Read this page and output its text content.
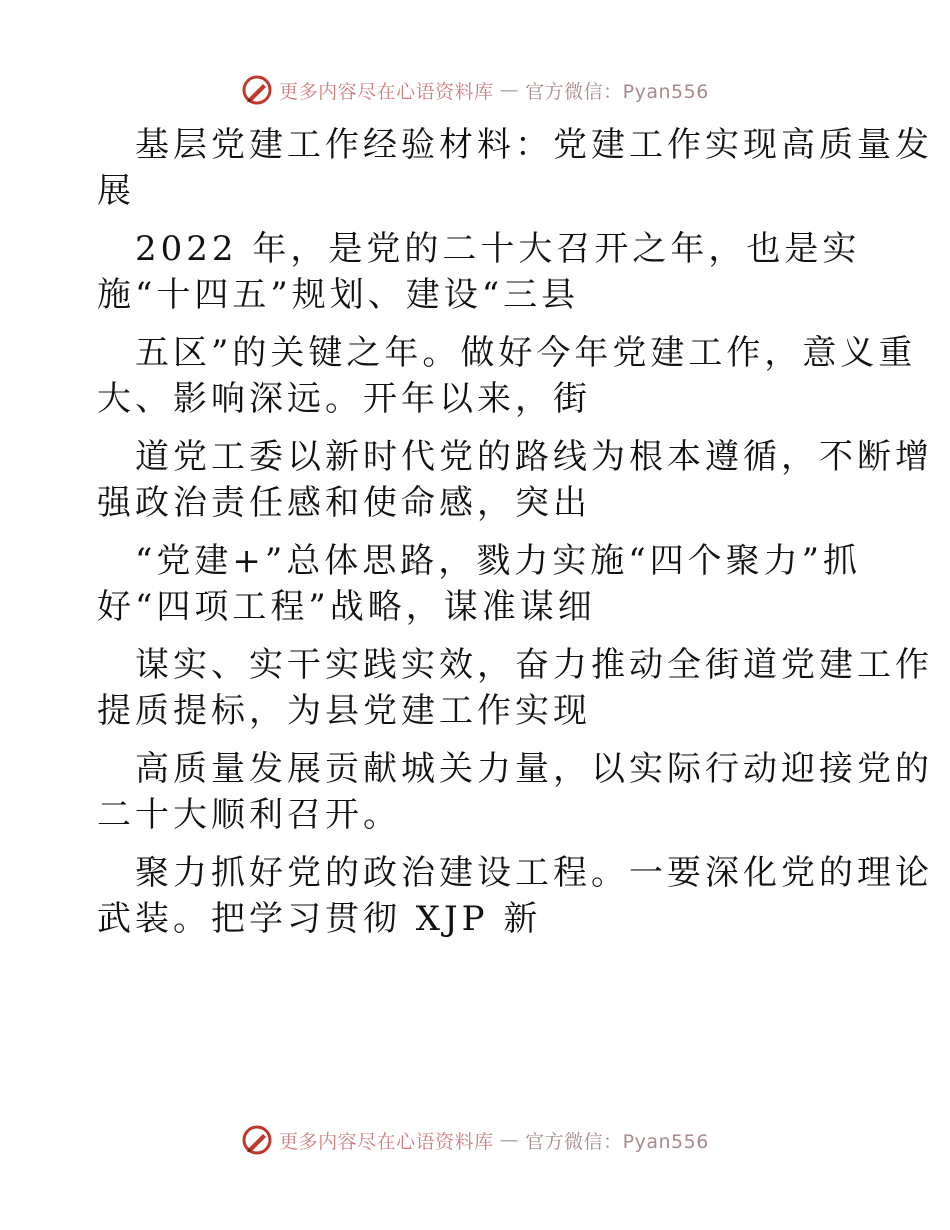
更多内容尽在心语资料库 — 官方微信：Pyan556

基层党建工作经验材料：党建工作实现高质量发

展

2022 年，是党的二十大召开之年，也是实

施“十四五”规划、建设“三县

五区”的关键之年。做好今年党建工作，意义重

大、影响深远。开年以来，街

道党工委以新时代党的路线为根本遵循，不断增

强政治责任感和使命感，突出

“党建+”总体思路，戮力实施“四个聚力”抓

好“四项工程”战略，谋准谋细

谋实、实干实践实效，奋力推动全街道党建工作

提质提标，为县党建工作实现

高质量发展贡献城关力量，以实际行动迎接党的

二十大顺利召开。

聚力抓好党的政治建设工程。一要深化党的理论

武装。把学习贯彻 XJP 新

更多内容尽在心语资料库 — 官方微信：Pyan556
